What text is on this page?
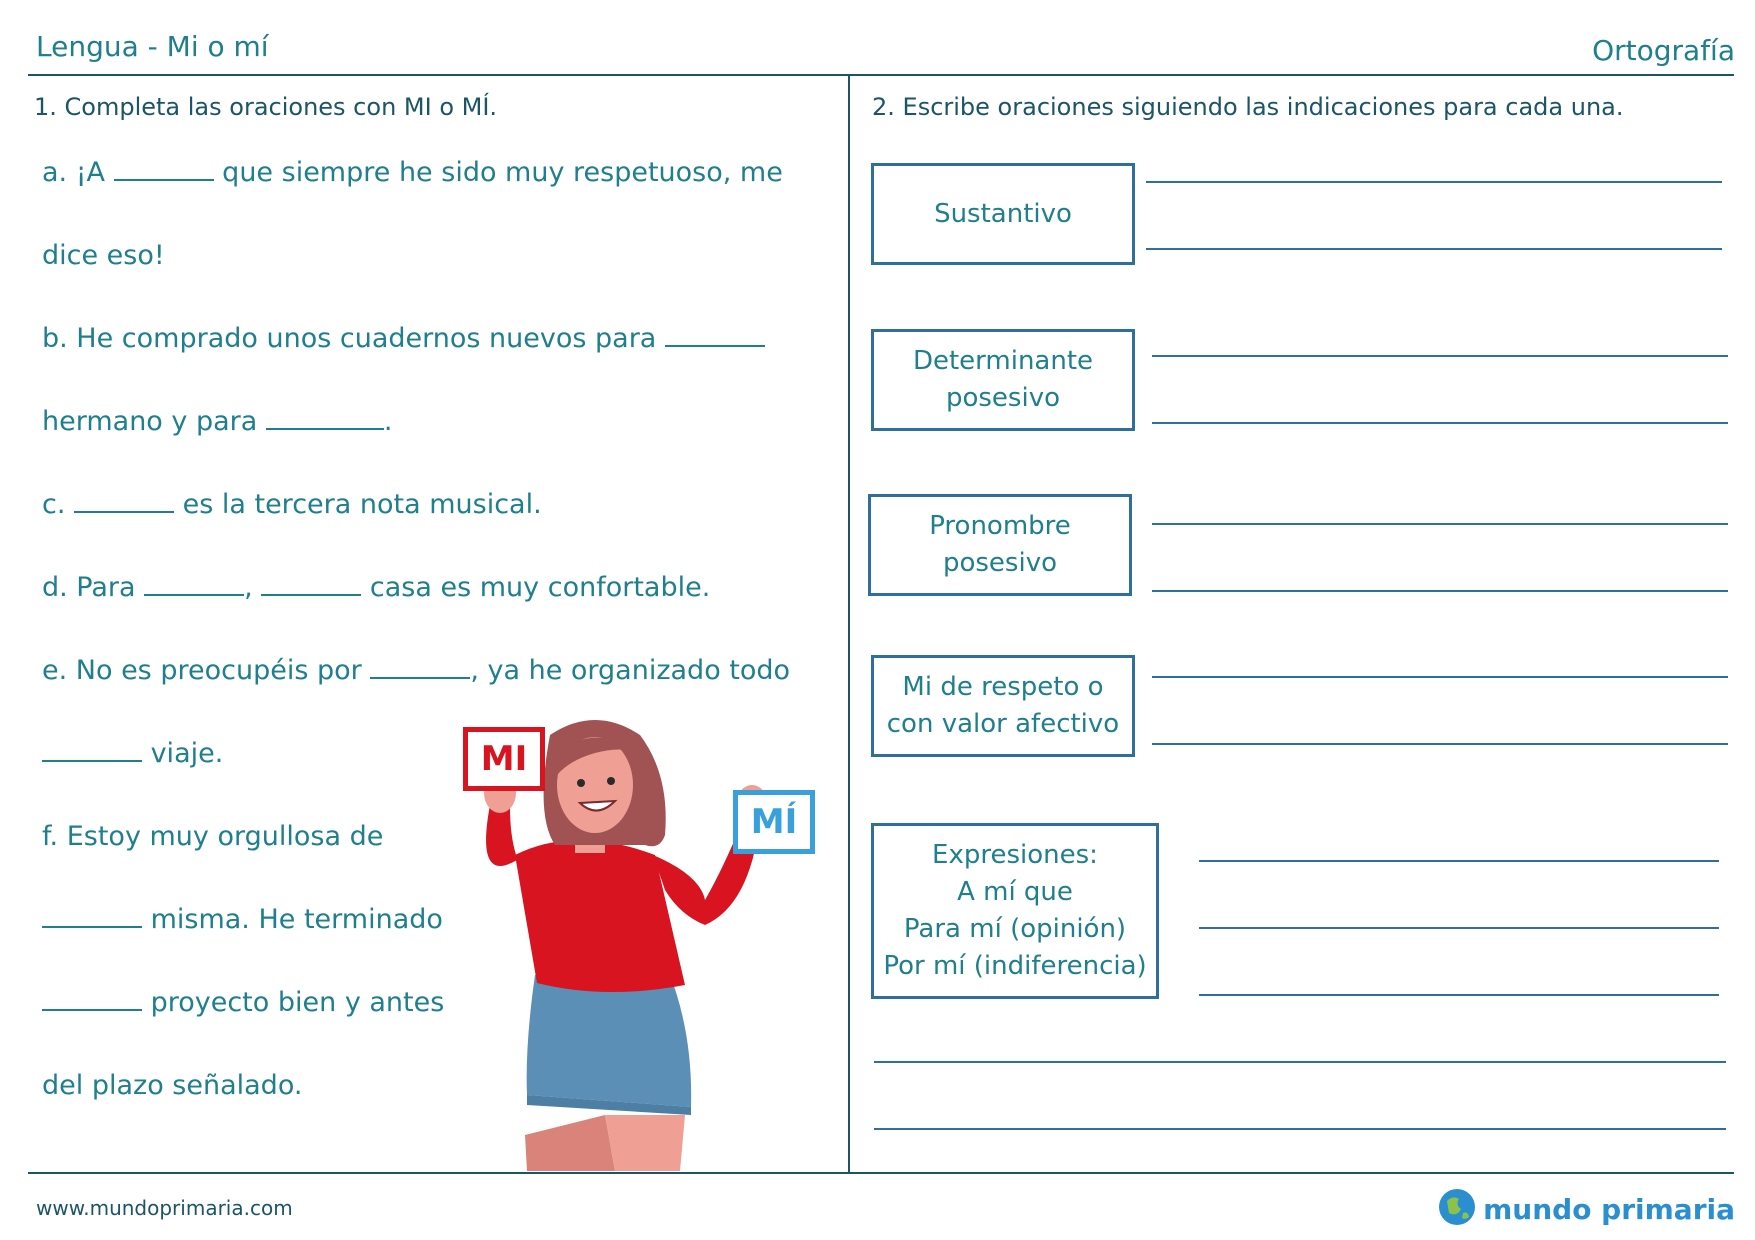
Lengua - Mi o mí	Ortografía
1. Completa las oraciones con MI o MÍ.
a. ¡A	que siempre he sido muy respetuoso, me
dice eso!
b. He comprado unos cuadernos nuevos para
hermano y para	.
c.	es la tercera nota musical.
d. Para	,	casa es muy confortable.
e. No es preocupéis por	, ya he organizado todo
viaje.
f. Estoy muy orgullosa de
misma. He terminado
proyecto bien y antes
del plazo señalado.
MI
MÍ
2. Escribe oraciones siguiendo las indicaciones para cada una.
Sustantivo
Determinante
posesivo
Pronombre
posesivo
Mi de respeto o
con valor afectivo
Expresiones:
A mí que
Para mí (opinión)
Por mí (indiferencia)
www.mundoprimaria.com	mundo primaria
